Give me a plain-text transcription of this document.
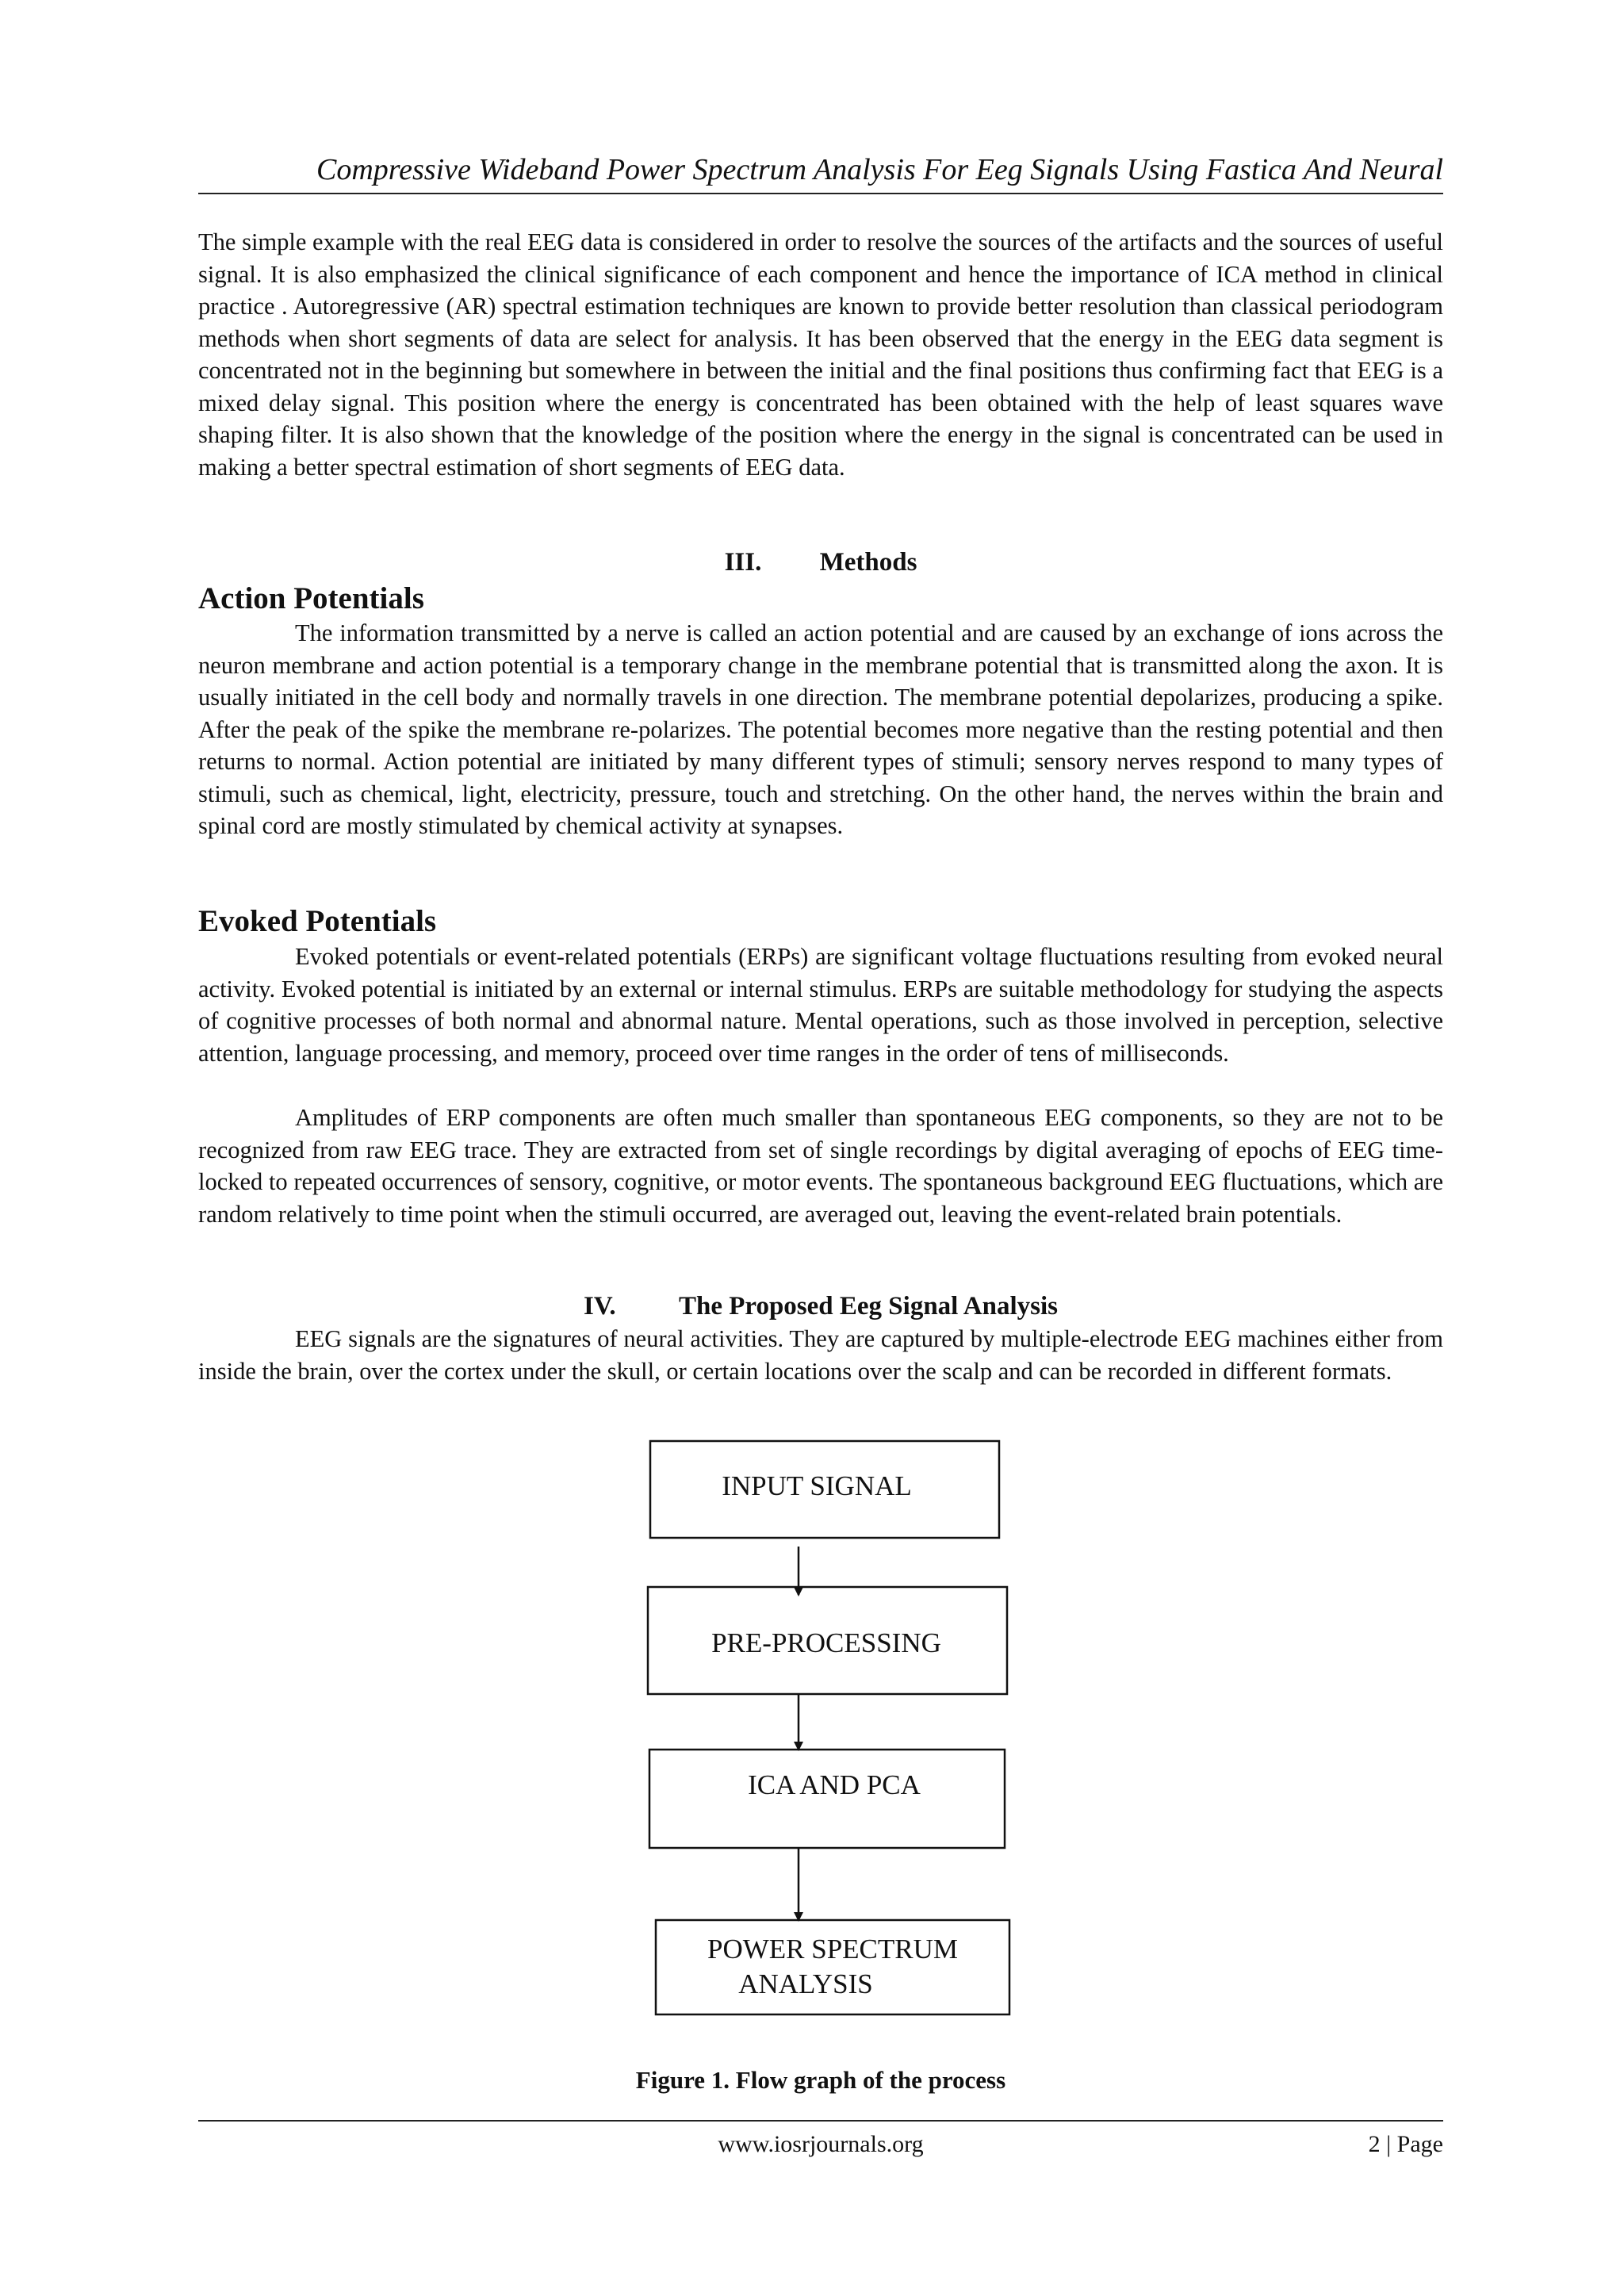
Compressive Wideband Power Spectrum Analysis For Eeg Signals Using Fastica And Neural

The simple example with the real EEG data is considered in order to resolve the sources of the artifacts and the sources of useful signal. It is also emphasized the clinical significance of each component and hence the importance of ICA method in clinical practice . Autoregressive (AR) spectral estimation techniques are known to provide better resolution than classical periodogram methods when short segments of data are select for analysis. It has been observed that the energy in the EEG data segment is concentrated not in the beginning but somewhere in between the initial and the final positions thus confirming fact that EEG is a mixed delay signal. This position where the energy is concentrated has been obtained with the help of least squares wave shaping filter. It is also shown that the knowledge of the position where the energy in the signal is concentrated can be used in making a better spectral estimation of short segments of EEG data.

III. Methods
Action Potentials

The information transmitted by a nerve is called an action potential and are caused by an exchange of ions across the neuron membrane and action potential is a temporary change in the membrane potential that is transmitted along the axon. It is usually initiated in the cell body and normally travels in one direction. The membrane potential depolarizes, producing a spike. After the peak of the spike the membrane re-polarizes. The potential becomes more negative than the resting potential and then returns to normal. Action potential are initiated by many different types of stimuli; sensory nerves respond to many types of stimuli, such as chemical, light, electricity, pressure, touch and stretching. On the other hand, the nerves within the brain and spinal cord are mostly stimulated by chemical activity at synapses.

Evoked Potentials

Evoked potentials or event-related potentials (ERPs) are significant voltage fluctuations resulting from evoked neural activity. Evoked potential is initiated by an external or internal stimulus. ERPs are suitable methodology for studying the aspects of cognitive processes of both normal and abnormal nature. Mental operations, such as those involved in perception, selective attention, language processing, and memory, proceed over time ranges in the order of tens of milliseconds.

Amplitudes of ERP components are often much smaller than spontaneous EEG components, so they are not to be recognized from raw EEG trace. They are extracted from set of single recordings by digital averaging of epochs of EEG time-locked to repeated occurrences of sensory, cognitive, or motor events. The spontaneous background EEG fluctuations, which are random relatively to time point when the stimuli occurred, are averaged out, leaving the event-related brain potentials.

IV. The Proposed Eeg Signal Analysis

EEG signals are the signatures of neural activities. They are captured by multiple-electrode EEG machines either from inside the brain, over the cortex under the skull, or certain locations over the scalp and can be recorded in different formats.

INPUT SIGNAL
PRE-PROCESSING
ICA AND PCA
POWER SPECTRUM
ANALYSIS
Figure 1. Flow graph of the process
www.iosrjournals.org	2 | Page
